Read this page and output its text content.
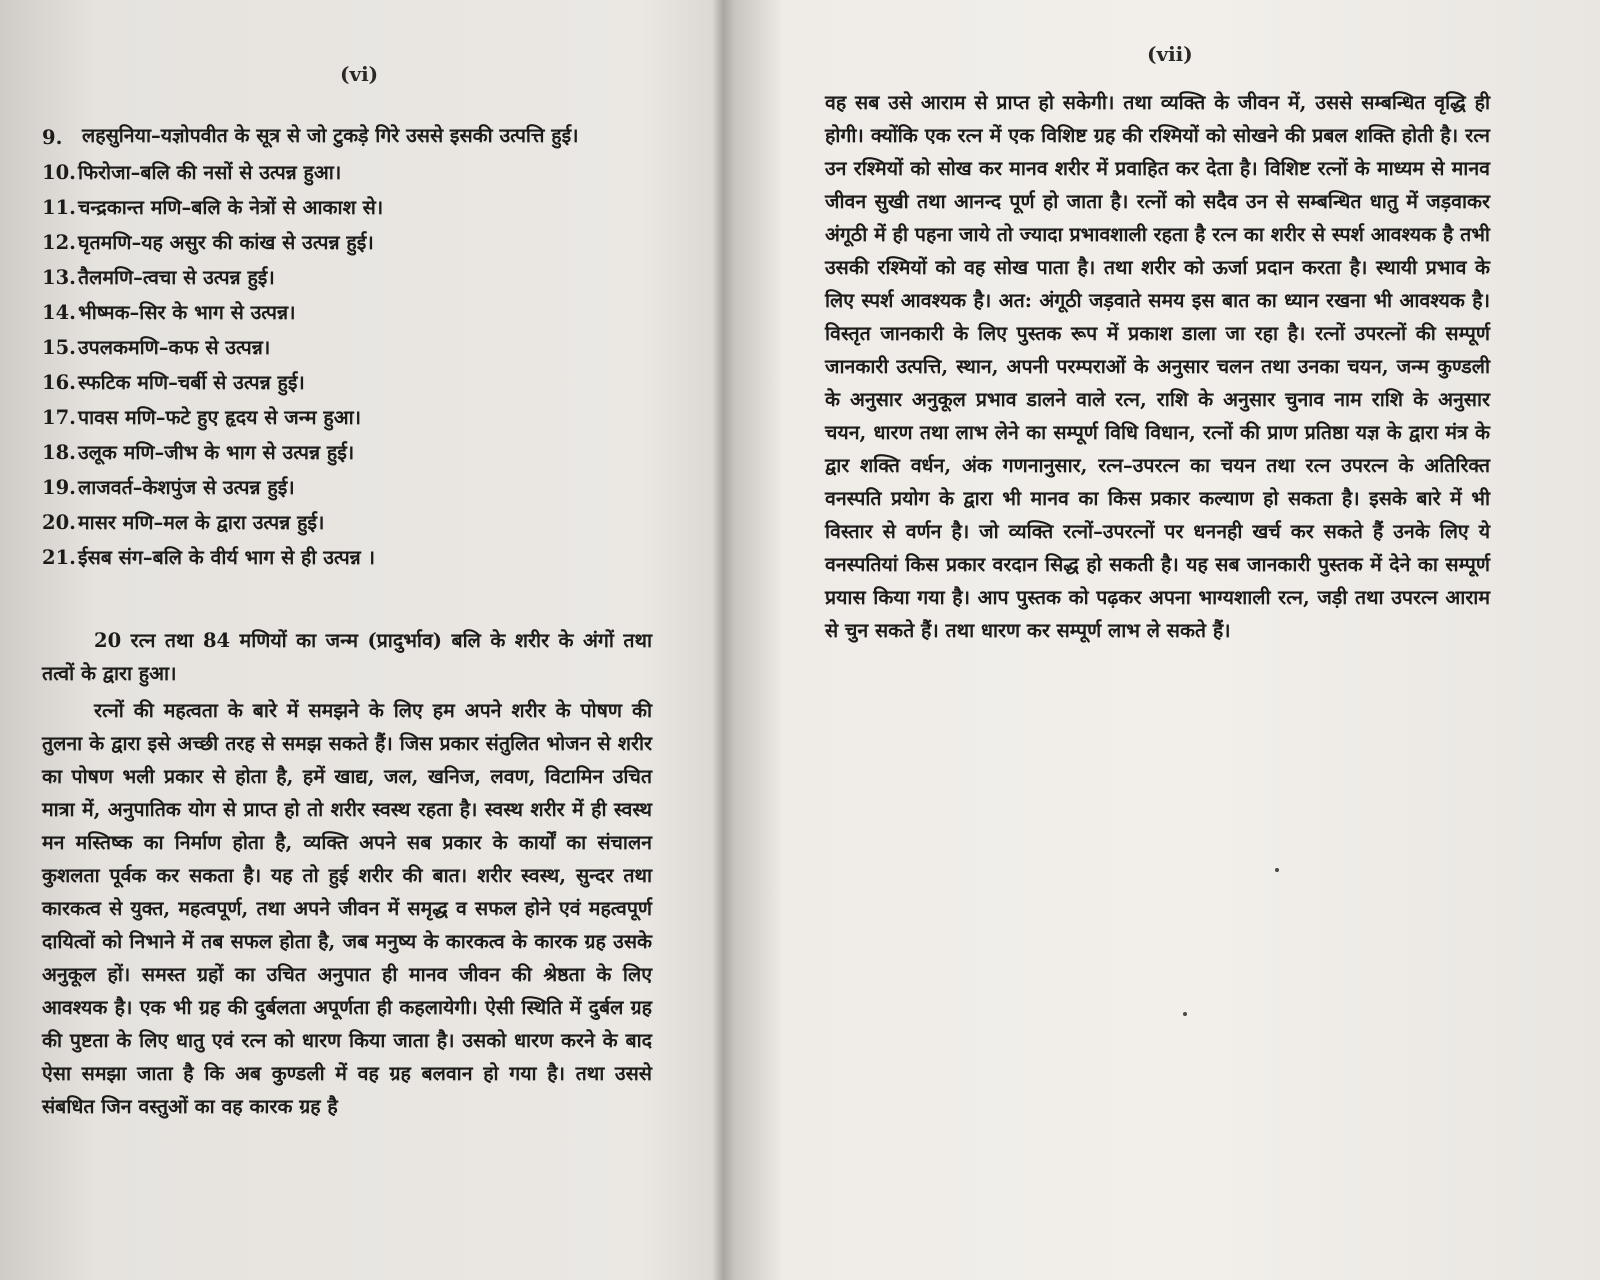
(vi)
9.	लहसुनिया–यज्ञोपवीत के सूत्र से जो टुकड़े गिरे उससे इसकी उत्पत्ति हुई।
10. फिरोजा–बलि की नसों से उत्पन्न हुआ।
11. चन्द्रकान्त मणि–बलि के नेत्रों से आकाश से।
12. घृतमणि–यह असुर की कांख से उत्पन्न हुई।
13. तैलमणि–त्वचा से उत्पन्न हुई।
14. भीष्मक–सिर के भाग से उत्पन्न।
15. उपलकमणि–कफ से उत्पन्न।
16. स्फटिक मणि–चर्बी से उत्पन्न हुई।
17. पावस मणि–फटे हुए हृदय से जन्म हुआ।
18. उलूक मणि–जीभ के भाग से उत्पन्न हुई।
19. लाजवर्त–केशपुंज से उत्पन्न हुई।
20. मासर मणि–मल के द्वारा उत्पन्न हुई।
21. ईसब संग–बलि के वीर्य भाग से ही उत्पन्न ।

20 रत्न तथा 84 मणियों का जन्म (प्रादुर्भाव) बलि के शरीर के अंगों तथा तत्वों के द्वारा हुआ।

रत्नों की महत्वता के बारे में समझने के लिए हम अपने शरीर के पोषण की तुलना के द्वारा इसे अच्छी तरह से समझ सकते हैं। जिस प्रकार संतुलित भोजन से शरीर का पोषण भली प्रकार से होता है, हमें खाद्य, जल, खनिज, लवण, विटामिन उचित मात्रा में, अनुपातिक योग से प्राप्त हो तो शरीर स्वस्थ रहता है। स्वस्थ शरीर में ही स्वस्थ मन मस्तिष्क का निर्माण होता है, व्यक्ति अपने सब प्रकार के कार्यों का संचालन कुशलता पूर्वक कर सकता है। यह तो हुई शरीर की बात। शरीर स्वस्थ, सुन्दर तथा कारकत्व से युक्त, महत्वपूर्ण, तथा अपने जीवन में समृद्ध व सफल होने एवं महत्वपूर्ण दायित्वों को निभाने में तब सफल होता है, जब मनुष्य के कारकत्व के कारक ग्रह उसके अनुकूल हों। समस्त ग्रहों का उचित अनुपात ही मानव जीवन की श्रेष्ठता के लिए आवश्यक है। एक भी ग्रह की दुर्बलता अपूर्णता ही कहलायेगी। ऐसी स्थिति में दुर्बल ग्रह की पुष्टता के लिए धातु एवं रत्न को धारण किया जाता है। उसको धारण करने के बाद ऐसा समझा जाता है कि अब कुण्डली में वह ग्रह बलवान हो गया है। तथा उससे संबधित जिन वस्तुओं का वह कारक ग्रह है

(vii)

वह सब उसे आराम से प्राप्त हो सकेगी। तथा व्यक्ति के जीवन में, उससे सम्बन्धित वृद्धि ही होगी। क्योंकि एक रत्न में एक विशिष्ट ग्रह की रश्मियों को सोखने की प्रबल शक्ति होती है। रत्न उन रश्मियों को सोख कर मानव शरीर में प्रवाहित कर देता है। विशिष्ट रत्नों के माध्यम से मानव जीवन सुखी तथा आनन्द पूर्ण हो जाता है। रत्नों को सदैव उन से सम्बन्धित धातु में जड़वाकर अंगूठी में ही पहना जाये तो ज्यादा प्रभावशाली रहता है रत्न का शरीर से स्पर्श आवश्यक है तभी उसकी रश्मियों को वह सोख पाता है। तथा शरीर को ऊर्जा प्रदान करता है। स्थायी प्रभाव के लिए स्पर्श आवश्यक है। अत: अंगूठी जड़वाते समय इस बात का ध्यान रखना भी आवश्यक है। विस्तृत जानकारी के लिए पुस्तक रूप में प्रकाश डाला जा रहा है। रत्नों उपरत्नों की सम्पूर्ण जानकारी उत्पत्ति, स्थान, अपनी परम्पराओं के अनुसार चलन तथा उनका चयन, जन्म कुण्डली के अनुसार अनुकूल प्रभाव डालने वाले रत्न, राशि के अनुसार चुनाव नाम राशि के अनुसार चयन, धारण तथा लाभ लेने का सम्पूर्ण विधि विधान, रत्नों की प्राण प्रतिष्ठा यज्ञ के द्वारा मंत्र के द्वार शक्ति वर्धन, अंक गणनानुसार, रत्न–उपरत्न का चयन तथा रत्न उपरत्न के अतिरिक्त वनस्पति प्रयोग के द्वारा भी मानव का किस प्रकार कल्याण हो सकता है। इसके बारे में भी विस्तार से वर्णन है। जो व्यक्ति रत्नों–उपरत्नों पर धननही खर्च कर सकते हैं उनके लिए ये वनस्पतियां किस प्रकार वरदान सिद्ध हो सकती है। यह सब जानकारी पुस्तक में देने का सम्पूर्ण प्रयास किया गया है। आप पुस्तक को पढ़कर अपना भाग्यशाली रत्न, जड़ी तथा उपरत्न आराम से चुन सकते हैं। तथा धारण कर सम्पूर्ण लाभ ले सकते हैं।
